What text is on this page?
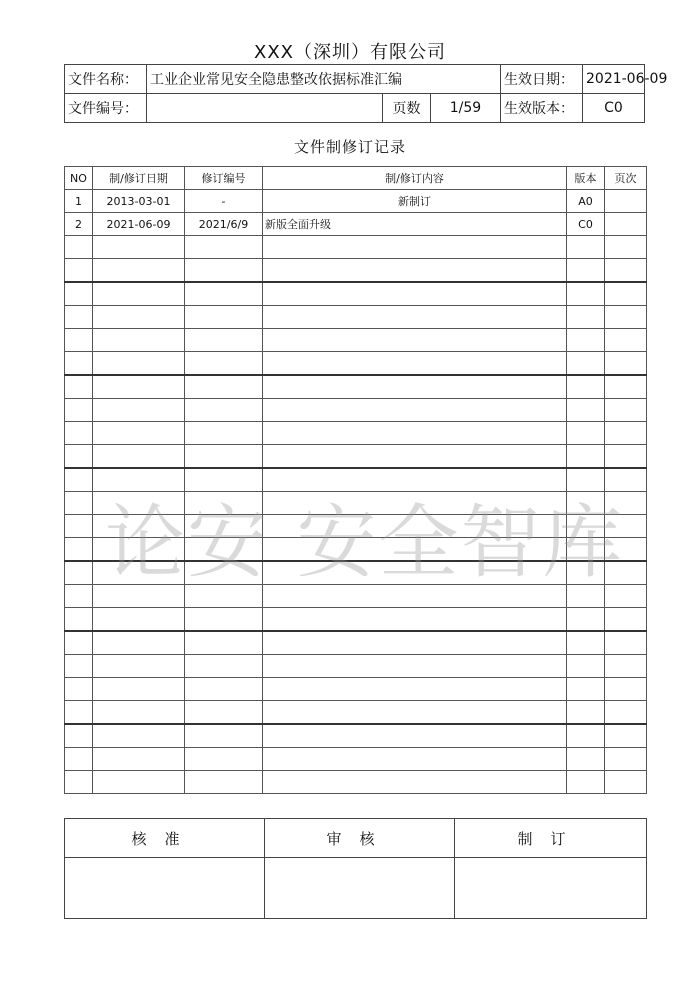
XXX（深圳）有限公司
文件名称：	工业企业常见安全隐患整改依据标准汇编			生效日期：	2021-06-09
文件编号：		页数	1/59	生效版本：	C0
文件制修订记录
NO	制/修订日期	修订编号	制/修订内容	版本	页次
1	2013-03-01	-	新制订	A0	
2	2021-06-09	2021/6/9	新版全面升级	C0	

论安 安全智库
核准	审核	制订
